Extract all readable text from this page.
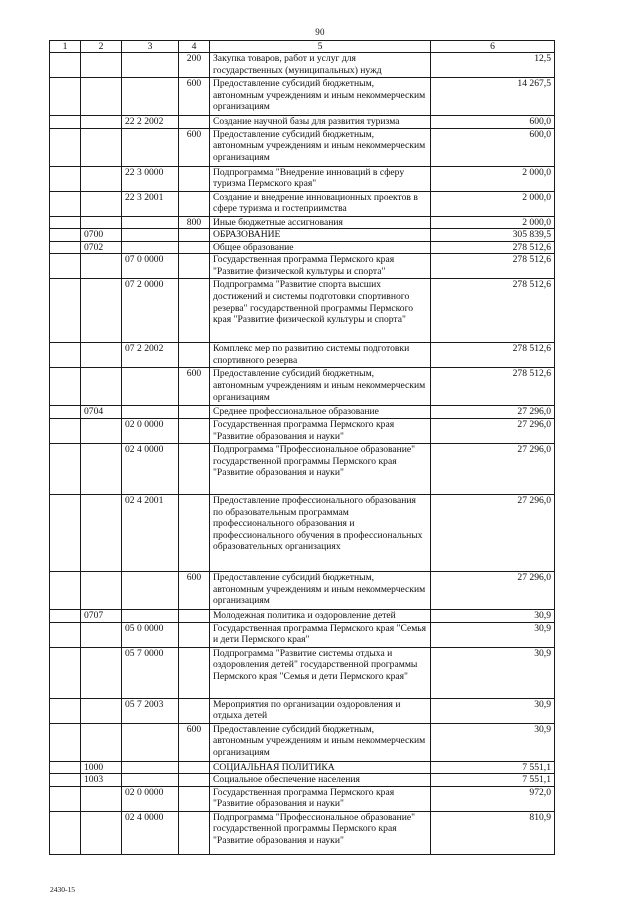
90
1	2	3	4	5	6
			200	Закупка товаров, работ и услуг для государственных (муниципальных) нужд	12,5
			600	Предоставление субсидий бюджетным, автономным учреждениям и иным некоммерческим организациям	14 267,5
		22 2 2002		Создание научной базы для развития туризма	600,0
			600	Предоставление субсидий бюджетным, автономным учреждениям и иным некоммерческим организациям	600,0
		22 3 0000		Подпрограмма "Внедрение инноваций в сферу туризма Пермского края"	2 000,0
		22 3 2001		Создание и внедрение инновационных проектов в сфере туризма и гостеприимства	2 000,0
			800	Иные бюджетные ассигнования	2 000,0
	0700			ОБРАЗОВАНИЕ	305 839,5
	0702			Общее образование	278 512,6
		07 0 0000		Государственная программа Пермского края "Развитие физической культуры и спорта"	278 512,6
		07 2 0000		Подпрограмма "Развитие спорта высших достижений и системы подготовки спортивного резерва" государственной программы Пермского края "Развитие физической культуры и спорта"	278 512,6
		07 2 2002		Комплекс мер по развитию системы подготовки спортивного резерва	278 512,6
			600	Предоставление субсидий бюджетным, автономным учреждениям и иным некоммерческим организациям	278 512,6
	0704			Среднее профессиональное образование	27 296,0
		02 0 0000		Государственная программа Пермского края "Развитие образования и науки"	27 296,0
		02 4 0000		Подпрограмма "Профессиональное образование" государственной программы Пермского края "Развитие образования и науки"	27 296,0
		02 4 2001		Предоставление профессионального образования по образовательным программам профессионального образования и профессионального обучения в профессиональных образовательных организациях	27 296,0
			600	Предоставление субсидий бюджетным, автономным учреждениям и иным некоммерческим организациям	27 296,0
	0707			Молодежная политика и оздоровление детей	30,9
		05 0 0000		Государственная программа Пермского края "Семья и дети Пермского края"	30,9
		05 7 0000		Подпрограмма "Развитие системы отдыха и оздоровления детей" государственной программы Пермского края "Семья и дети Пермского края"	30,9
		05 7 2003		Мероприятия по организации оздоровления и отдыха детей	30,9
			600	Предоставление субсидий бюджетным, автономным учреждениям и иным некоммерческим организациям	30,9
	1000			СОЦИАЛЬНАЯ ПОЛИТИКА	7 551,1
	1003			Социальное обеспечение населения	7 551,1
		02 0 0000		Государственная программа Пермского края "Развитие образования и науки"	972,0
		02 4 0000		Подпрограмма "Профессиональное образование" государственной программы Пермского края "Развитие образования и науки"	810,9
2430-15
